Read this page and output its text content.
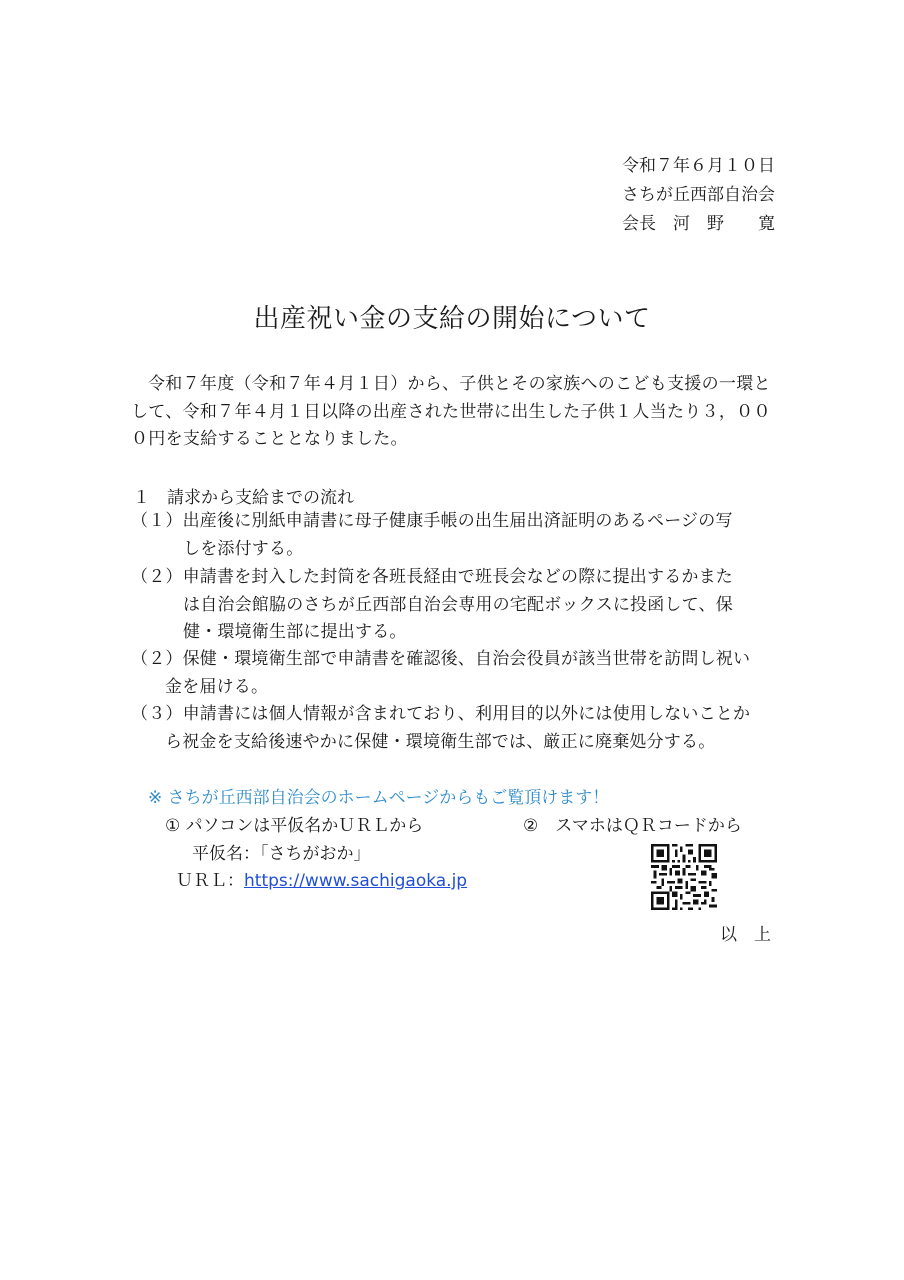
令和７年６月１０日
さちが丘西部自治会
会長　河　野　　寛
出産祝い金の支給の開始について
令和７年度（令和７年４月１日）から、子供とその家族へのこども支援の一環として、令和７年４月１日以降の出産された世帯に出生した子供１人当たり３，０００円を支給することとなりました。
１　請求から支給までの流れ
（１）出産後に別紙申請書に母子健康手帳の出生届出済証明のあるページの写
しを添付する。
（２）申請書を封入した封筒を各班長経由で班長会などの際に提出するかまた
は自治会館脇のさちが丘西部自治会専用の宅配ボックスに投函して、保
健・環境衛生部に提出する。
（２）保健・環境衛生部で申請書を確認後、自治会役員が該当世帯を訪問し祝い
金を届ける。
（３）申請書には個人情報が含まれており、利用目的以外には使用しないことか
ら祝金を支給後速やかに保健・環境衛生部では、厳正に廃棄処分する。
※ さちが丘西部自治会のホームページからもご覧頂けます！
① パソコンは平仮名かＵＲＬから	②　スマホはＱＲコードから
平仮名：「さちがおか」
ＵＲＬ：https://www.sachigaoka.jp
以　上
